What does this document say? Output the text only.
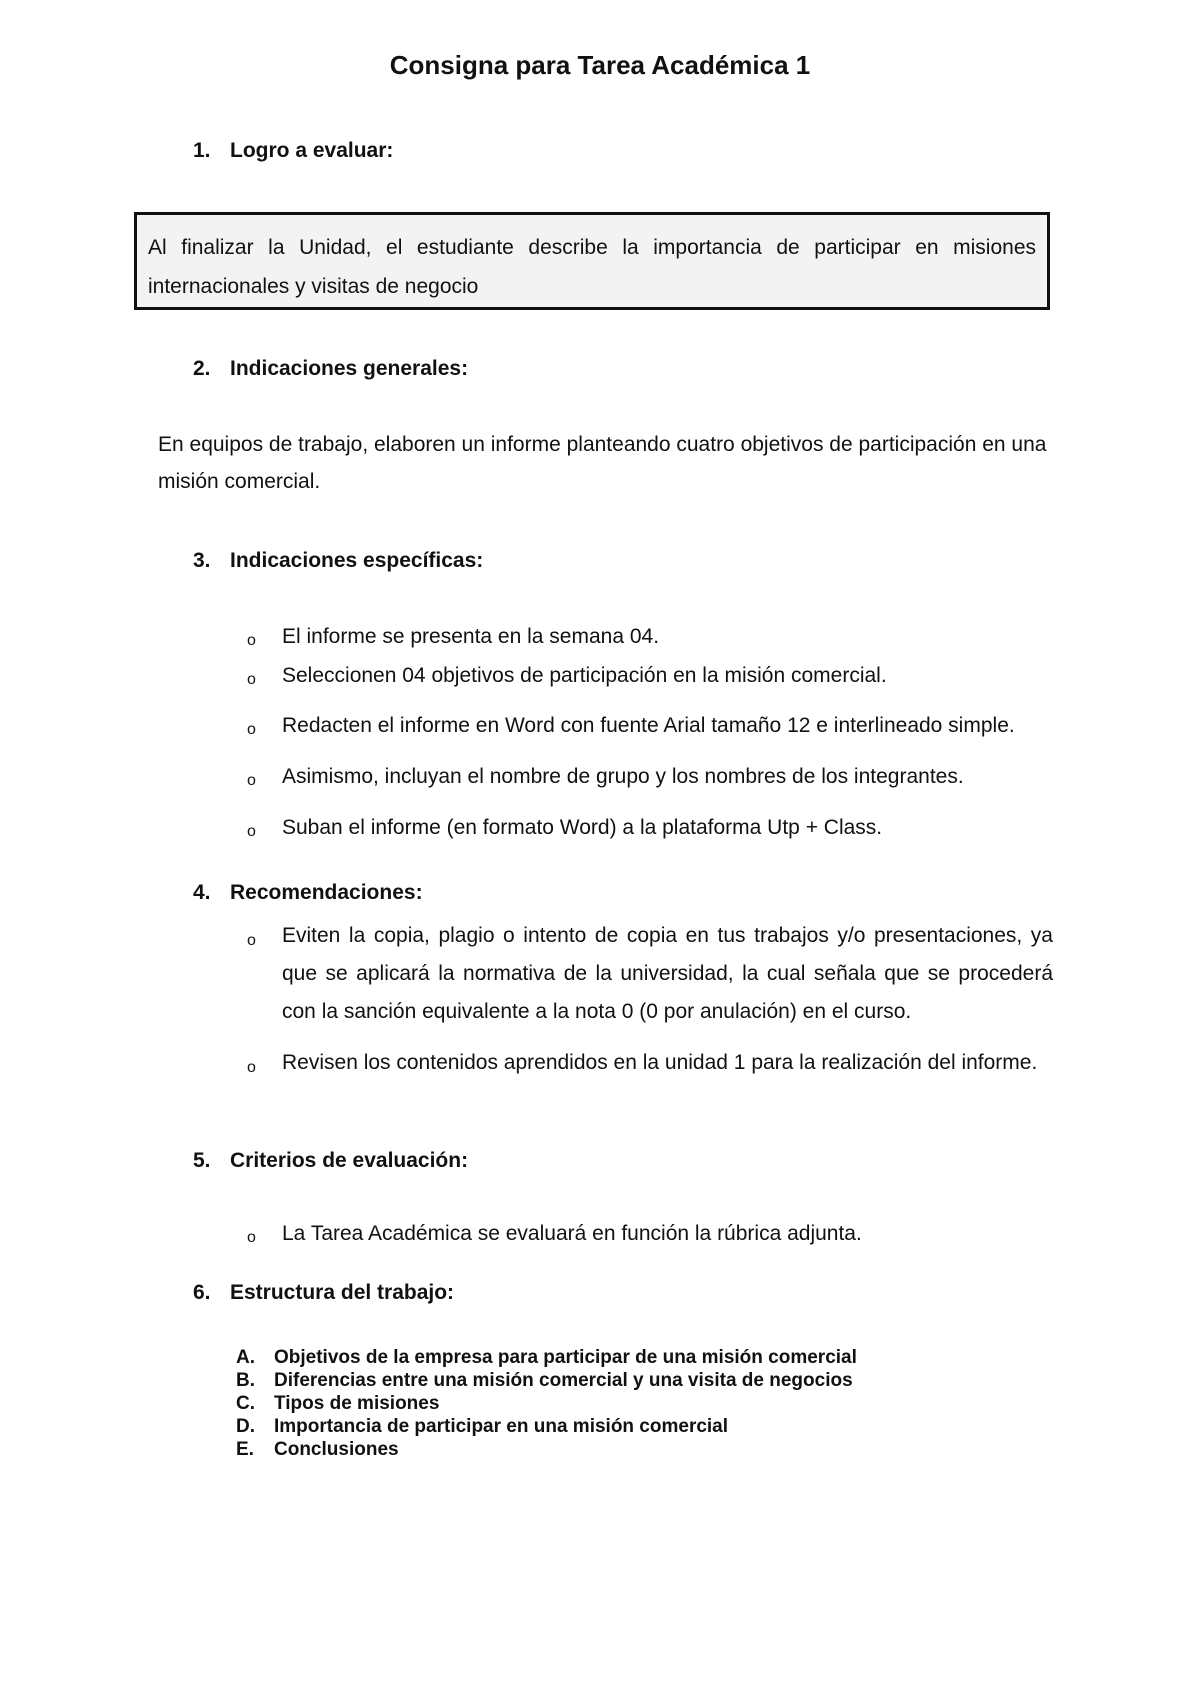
Consigna para Tarea Académica 1
1. Logro a evaluar:
Al finalizar la Unidad, el estudiante describe la importancia de participar en misiones internacionales y visitas de negocio
2. Indicaciones generales:
En equipos de trabajo, elaboren un informe planteando cuatro objetivos de participación en una misión comercial.
3. Indicaciones específicas:
o El informe se presenta en la semana 04.
o Seleccionen 04 objetivos de participación en la misión comercial.
o Redacten el informe en Word con fuente Arial tamaño 12 e interlineado simple.
o Asimismo, incluyan el nombre de grupo y los nombres de los integrantes.
o Suban el informe (en formato Word) a la plataforma Utp + Class.
4. Recomendaciones:
o Eviten la copia, plagio o intento de copia en tus trabajos y/o presentaciones, ya que se aplicará la normativa de la universidad, la cual señala que se procederá con la sanción equivalente a la nota 0 (0 por anulación) en el curso.
o Revisen los contenidos aprendidos en la unidad 1 para la realización del informe.
5. Criterios de evaluación:
o La Tarea Académica se evaluará en función la rúbrica adjunta.
6. Estructura del trabajo:
A. Objetivos de la empresa para participar de una misión comercial
B. Diferencias entre una misión comercial y una visita de negocios
C. Tipos de misiones
D. Importancia de participar en una misión comercial
E. Conclusiones
